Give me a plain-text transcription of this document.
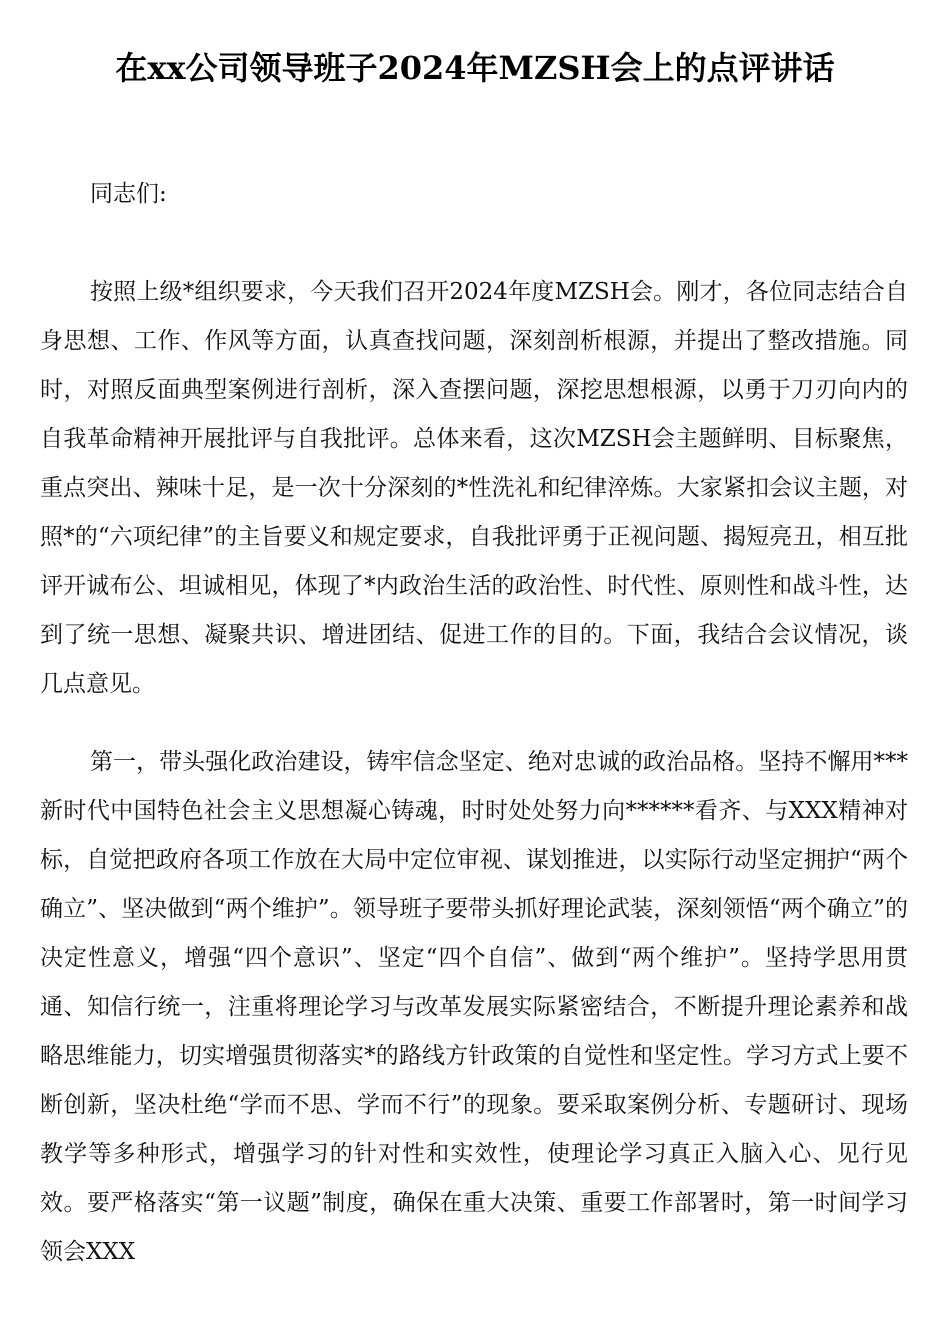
在xx公司领导班子2024年MZSH会上的点评讲话

同志们:

按照上级*组织要求，今天我们召开2024年度MZSH会。刚才，各位同志结合自身思想、工作、作风等方面，认真查找问题，深刻剖析根源，并提出了整改措施。同时，对照反面典型案例进行剖析，深入查摆问题，深挖思想根源，以勇于刀刃向内的自我革命精神开展批评与自我批评。总体来看，这次MZSH会主题鲜明、目标聚焦，重点突出、辣味十足，是一次十分深刻的*性洗礼和纪律淬炼。大家紧扣会议主题，对照*的“六项纪律”的主旨要义和规定要求，自我批评勇于正视问题、揭短亮丑，相互批评开诚布公、坦诚相见，体现了*内政治生活的政治性、时代性、原则性和战斗性，达到了统一思想、凝聚共识、增进团结、促进工作的目的。下面，我结合会议情况，谈几点意见。

第一，带头强化政治建设，铸牢信念坚定、绝对忠诚的政治品格。坚持不懈用***新时代中国特色社会主义思想凝心铸魂，时时处处努力向******看齐、与XXX精神对标，自觉把政府各项工作放在大局中定位审视、谋划推进，以实际行动坚定拥护“两个确立”、坚决做到“两个维护”。领导班子要带头抓好理论武装，深刻领悟“两个确立”的决定性意义，增强“四个意识”、坚定“四个自信”、做到“两个维护”。坚持学思用贯通、知信行统一，注重将理论学习与改革发展实际紧密结合，不断提升理论素养和战略思维能力，切实增强贯彻落实*的路线方针政策的自觉性和坚定性。学习方式上要不断创新，坚决杜绝“学而不思、学而不行”的现象。要采取案例分析、专题研讨、现场教学等多种形式，增强学习的针对性和实效性，使理论学习真正入脑入心、见行见效。要严格落实“第一议题”制度，确保在重大决策、重要工作部署时，第一时间学习领会XXX
